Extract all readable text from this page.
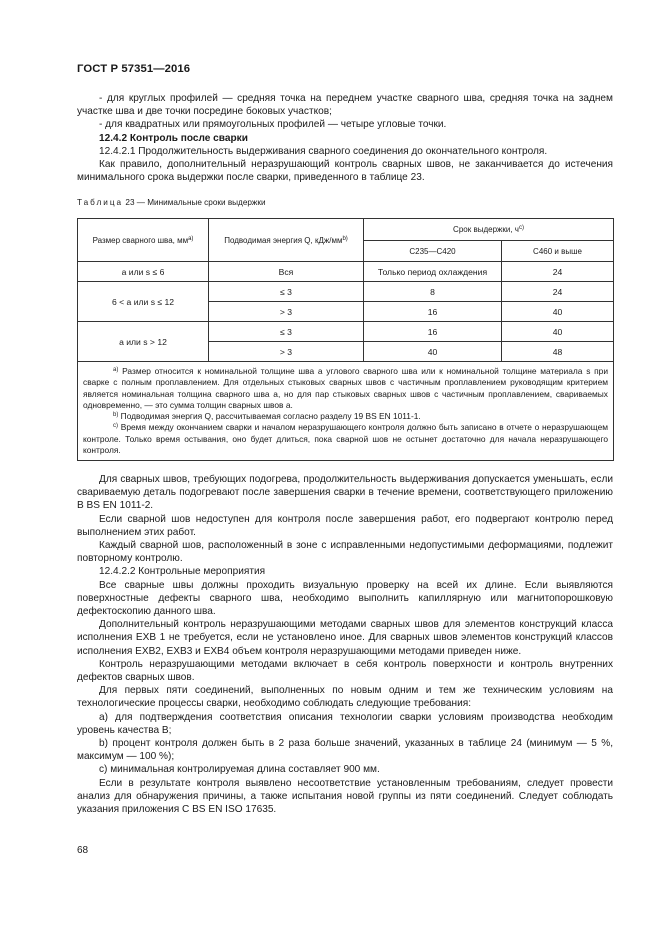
ГОСТ Р 57351—2016

- для круглых профилей — средняя точка на переднем участке сварного шва, средняя точка на заднем участке шва и две точки посредине боковых участков;

- для квадратных или прямоугольных профилей — четыре угловые точки.

12.4.2 Контроль после сварки

12.4.2.1 Продолжительность выдерживания сварного соединения до окончательного контроля.

Как правило, дополнительный неразрушающий контроль сварных швов, не заканчивается до истечения минимального срока выдержки после сварки, приведенного в таблице 23.

Таблица 23 — Минимальные сроки выдержки
Размер сварного шва, $мм^{a)}$	Подводимая энергия Q, кДж/$мм^{b)}$	Срок выдержки, $ч^{c)}$
		С235—С420	С460 и выше
a или s ≤ 6	Вся	Только период охлаждения	24
6 < a или s ≤ 12	≤ 3	8	24
	> 3	16	40
a или s > 12	≤ 3	16	40
	> 3	40	48

$^{a)}$ Размер относится к номинальной толщине шва a углового сварного шва или к номинальной толщине материала s при сварке с полным проплавлением. Для отдельных стыковых сварных швов с частичным проплавлением руководящим критерием является номинальная толщина сварного шва a, но для пар стыковых сварных швов с частичным проплавлением, свариваемых одновременно, — это сумма толщин сварных швов a.

$^{b)}$ Подводимая энергия Q, рассчитываемая согласно разделу 19 BS EN 1011-1.

$^{c)}$ Время между окончанием сварки и началом неразрушающего контроля должно быть записано в отчете о неразрушающем контроле. Только время остывания, оно будет длиться, пока сварной шов не остынет достаточно для начала неразрушающего контроля.			

Для сварных швов, требующих подогрева, продолжительность выдерживания допускается уменьшать, если свариваемую деталь подогревают после завершения сварки в течение времени, соответствующего приложению В BS EN 1011-2.

Если сварной шов недоступен для контроля после завершения работ, его подвергают контролю перед выполнением этих работ.

Каждый сварной шов, расположенный в зоне с исправленными недопустимыми деформациями, подлежит повторному контролю.

12.4.2.2 Контрольные мероприятия

Все сварные швы должны проходить визуальную проверку на всей их длине. Если выявляются поверхностные дефекты сварного шва, необходимо выполнить капиллярную или магнитопорошковую дефектоскопию данного шва.

Дополнительный контроль неразрушающими методами сварных швов для элементов конструкций класса исполнения ЕХВ 1 не требуется, если не установлено иное. Для сварных швов элементов конструкций классов исполнения ЕХВ2, ЕХВ3 и ЕХВ4 объем контроля неразрушающими методами приведен ниже.

Контроль неразрушающими методами включает в себя контроль поверхности и контроль внутренних дефектов сварных швов.

Для первых пяти соединений, выполненных по новым одним и тем же техническим условиям на технологические процессы сварки, необходимо соблюдать следующие требования:

а) для подтверждения соответствия описания технологии сварки условиям производства необходим уровень качества В;

b) процент контроля должен быть в 2 раза больше значений, указанных в таблице 24 (минимум — 5 %, максимум — 100 %);

c) минимальная контролируемая длина составляет 900 мм.

Если в результате контроля выявлено несоответствие установленным требованиям, следует провести анализ для обнаружения причины, а также испытания новой группы из пяти соединений. Следует соблюдать указания приложения С BS EN ISO 17635.

68
